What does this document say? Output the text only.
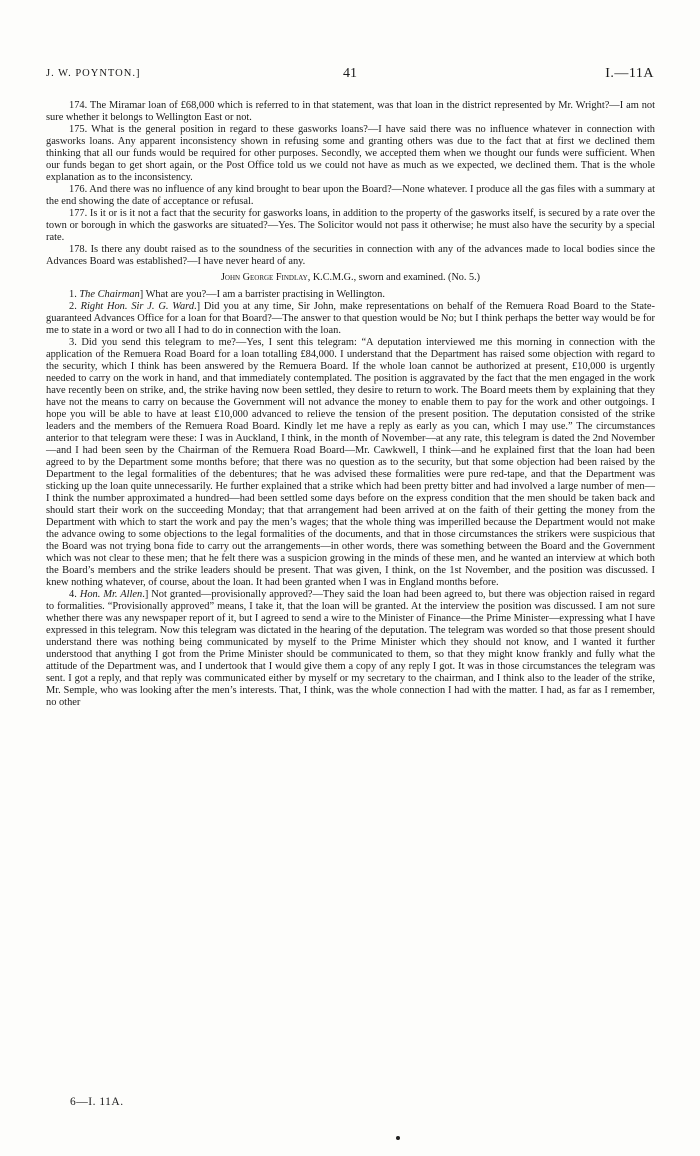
J. W. POYNTON.]	41	I.—11A

174. The Miramar loan of £68,000 which is referred to in that statement, was that loan in the district represented by Mr. Wright?—I am not sure whether it belongs to Wellington East or not.

175. What is the general position in regard to these gasworks loans?—I have said there was no influence whatever in connection with gasworks loans. Any apparent inconsistency shown in refusing some and granting others was due to the fact that at first we declined them thinking that all our funds would be required for other purposes. Secondly, we accepted them when we thought our funds were sufficient. When our funds began to get short again, or the Post Office told us we could not have as much as we expected, we declined them. That is the whole explanation as to the inconsistency.

176. And there was no influence of any kind brought to bear upon the Board?—None whatever. I produce all the gas files with a summary at the end showing the date of acceptance or refusal.

177. Is it or is it not a fact that the security for gasworks loans, in addition to the property of the gasworks itself, is secured by a rate over the town or borough in which the gasworks are situated?—Yes. The Solicitor would not pass it otherwise; he must also have the security by a special rate.

178. Is there any doubt raised as to the soundness of the securities in connection with any of the advances made to local bodies since the Advances Board was established?—I have never heard of any.

John George Findlay, K.C.M.G., sworn and examined. (No. 5.)

1. The Chairman] What are you?—I am a barrister practising in Wellington.

2. Right Hon. Sir J. G. Ward.] Did you at any time, Sir John, make representations on behalf of the Remuera Road Board to the State-guaranteed Advances Office for a loan for that Board?—The answer to that question would be No; but I think perhaps the better way would be for me to state in a word or two all I had to do in connection with the loan.

3. Did you send this telegram to me?—Yes, I sent this telegram: “A deputation interviewed me this morning in connection with the application of the Remuera Road Board for a loan totalling £84,000. I understand that the Department has raised some objection with regard to the security, which I think has been answered by the Remuera Board. If the whole loan cannot be authorized at present, £10,000 is urgently needed to carry on the work in hand, and that immediately contemplated. The position is aggravated by the fact that the men engaged in the work have recently been on strike, and, the strike having now been settled, they desire to return to work. The Board meets them by explaining that they have not the means to carry on because the Government will not advance the money to enable them to pay for the work and other outgoings. I hope you will be able to have at least £10,000 advanced to relieve the tension of the present position. The deputation consisted of the strike leaders and the members of the Remuera Road Board. Kindly let me have a reply as early as you can, which I may use.” The circumstances anterior to that telegram were these: I was in Auckland, I think, in the month of November—at any rate, this telegram is dated the 2nd November—and I had been seen by the Chairman of the Remuera Road Board—Mr. Cawkwell, I think—and he explained first that the loan had been agreed to by the Department some months before; that there was no question as to the security, but that some objection had been raised by the Department to the legal formalities of the debentures; that he was advised these formalities were pure red-tape, and that the Department was sticking up the loan quite unnecessarily. He further explained that a strike which had been pretty bitter and had involved a large number of men—I think the number approximated a hundred—had been settled some days before on the express condition that the men should be taken back and should start their work on the succeeding Monday; that that arrangement had been arrived at on the faith of their getting the money from the Department with which to start the work and pay the men’s wages; that the whole thing was imperilled because the Department would not make the advance owing to some objections to the legal formalities of the documents, and that in those circumstances the strikers were suspicious that the Board was not trying bona fide to carry out the arrangements—in other words, there was something between the Board and the Government which was not clear to these men; that he felt there was a suspicion growing in the minds of these men, and he wanted an interview at which both the Board’s members and the strike leaders should be present. That was given, I think, on the 1st November, and the position was discussed. I knew nothing whatever, of course, about the loan. It had been granted when I was in England months before.

4. Hon. Mr. Allen.] Not granted—provisionally approved?—They said the loan had been agreed to, but there was objection raised in regard to formalities. “Provisionally approved” means, I take it, that the loan will be granted. At the interview the position was discussed. I am not sure whether there was any newspaper report of it, but I agreed to send a wire to the Minister of Finance—the Prime Minister—expressing what I have expressed in this telegram. Now this telegram was dictated in the hearing of the deputation. The telegram was worded so that those present should understand there was nothing being communicated by myself to the Prime Minister which they should not know, and I wanted it further understood that anything I got from the Prime Minister should be communicated to them, so that they might know frankly and fully what the attitude of the Department was, and I undertook that I would give them a copy of any reply I got. It was in those circumstances the telegram was sent. I got a reply, and that reply was communicated either by myself or my secretary to the chairman, and I think also to the leader of the strike, Mr. Semple, who was looking after the men’s interests. That, I think, was the whole connection I had with the matter. I had, as far as I remember, no other

6—I. 11A.
